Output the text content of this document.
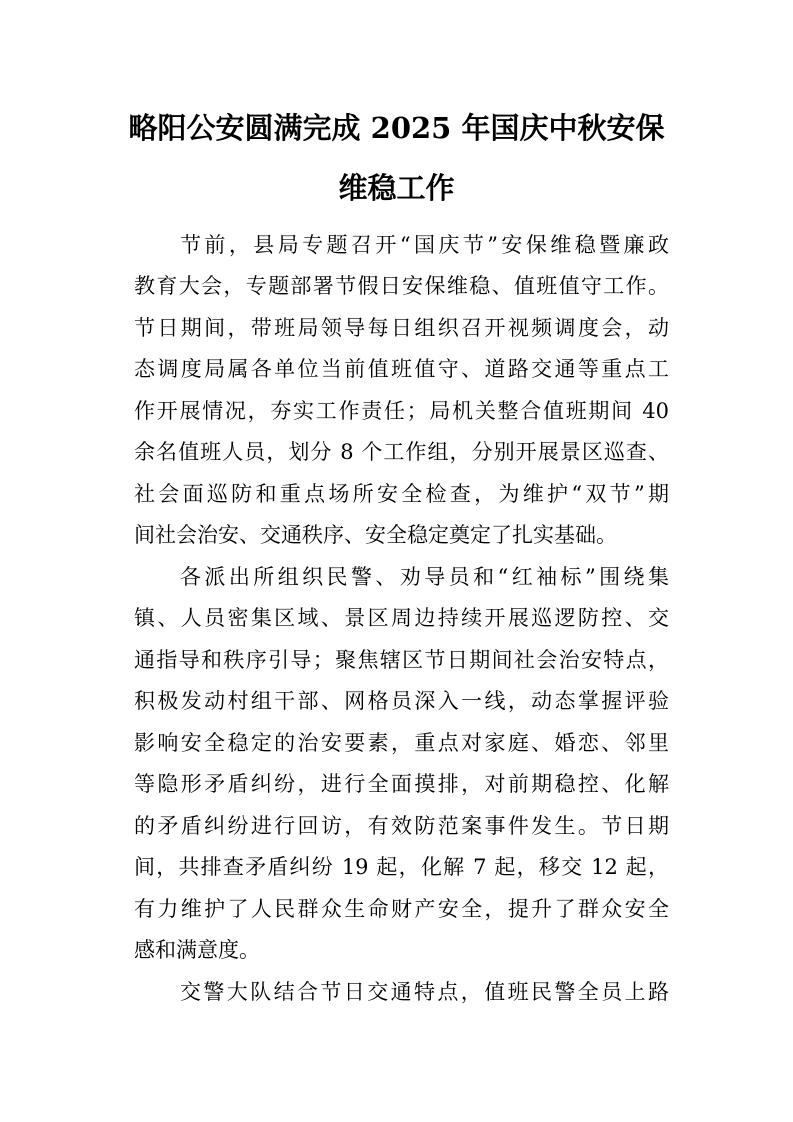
略阳公安圆满完成 2025 年国庆中秋安保
维稳工作

节前，县局专题召开“国庆节”安保维稳暨廉政

教育大会，专题部署节假日安保维稳、值班值守工作。

节日期间，带班局领导每日组织召开视频调度会，动

态调度局属各单位当前值班值守、道路交通等重点工

作开展情况，夯实工作责任；局机关整合值班期间 40

余名值班人员，划分 8 个工作组，分别开展景区巡查、

社会面巡防和重点场所安全检查，为维护“双节”期

间社会治安、交通秩序、安全稳定奠定了扎实基础。

各派出所组织民警、劝导员和“红袖标”围绕集

镇、人员密集区域、景区周边持续开展巡逻防控、交

通指导和秩序引导；聚焦辖区节日期间社会治安特点，

积极发动村组干部、网格员深入一线，动态掌握评验

影响安全稳定的治安要素，重点对家庭、婚恋、邻里

等隐形矛盾纠纷，进行全面摸排，对前期稳控、化解

的矛盾纠纷进行回访，有效防范案事件发生。节日期

间，共排查矛盾纠纷 19 起，化解 7 起，移交 12 起，

有力维护了人民群众生命财产安全，提升了群众安全

感和满意度。

交警大队结合节日交通特点，值班民警全员上路
